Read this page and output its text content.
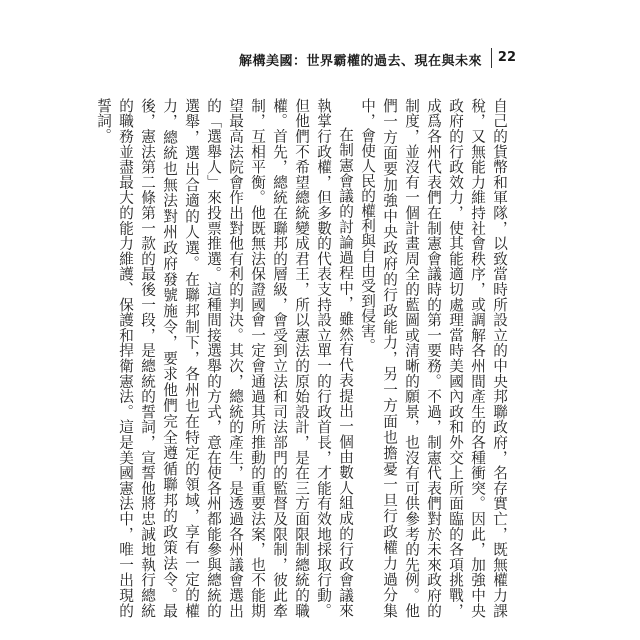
解構美國：世界霸權的過去、現在與未來 22

自己的貨幣和軍隊，以致當時所設立的中央邦聯政府，名存實亡，既無權力課稅，又無能力維持社會秩序，或調解各州間產生的各種衝突。因此，加強中央政府的行政效力，使其能適切處理當時美國內政和外交上所面臨的各項挑戰，成爲各州代表們在制憲會議時的第一要務。不過，制憲代表們對於未來政府的制度，並沒有一個計畫周全的藍圖或清晰的願景，也沒有可供參考的先例。他們一方面要加強中央政府的行政能力，另一方面也擔憂一旦行政權力過分集中，會使人民的權利與自由受到侵害。

在制憲會議的討論過程中，雖然有代表提出一個由數人組成的行政會議來執掌行政權，但多數的代表支持設立單一的行政首長，才能有效地採取行動。但他們不希望總統變成君王，所以憲法的原始設計，是在三方面限制總統的職權。首先，總統在聯邦的層級，會受到立法和司法部門的監督及限制，彼此牽制，互相平衡。他既無法保證國會一定會通過其所推動的重要法案，也不能期望最高法院會作出對他有利的判決。其次，總統的產生，是透過各州議會選出的「選舉人」來投票推選。這種間接選舉的方式，意在使各州都能參與總統的選舉，選出合適的人選。在聯邦制下，各州也在特定的領域，享有一定的權力，總統也無法對州政府發號施令，要求他們完全遵循聯邦的政策法令。最後，憲法第二條第一款的最後一段，是總統的誓詞，宣誓他將忠誠地執行總統的職務並盡最大的能力維護、保護和捍衛憲法。這是美國憲法中，唯一出現的誓詞。
